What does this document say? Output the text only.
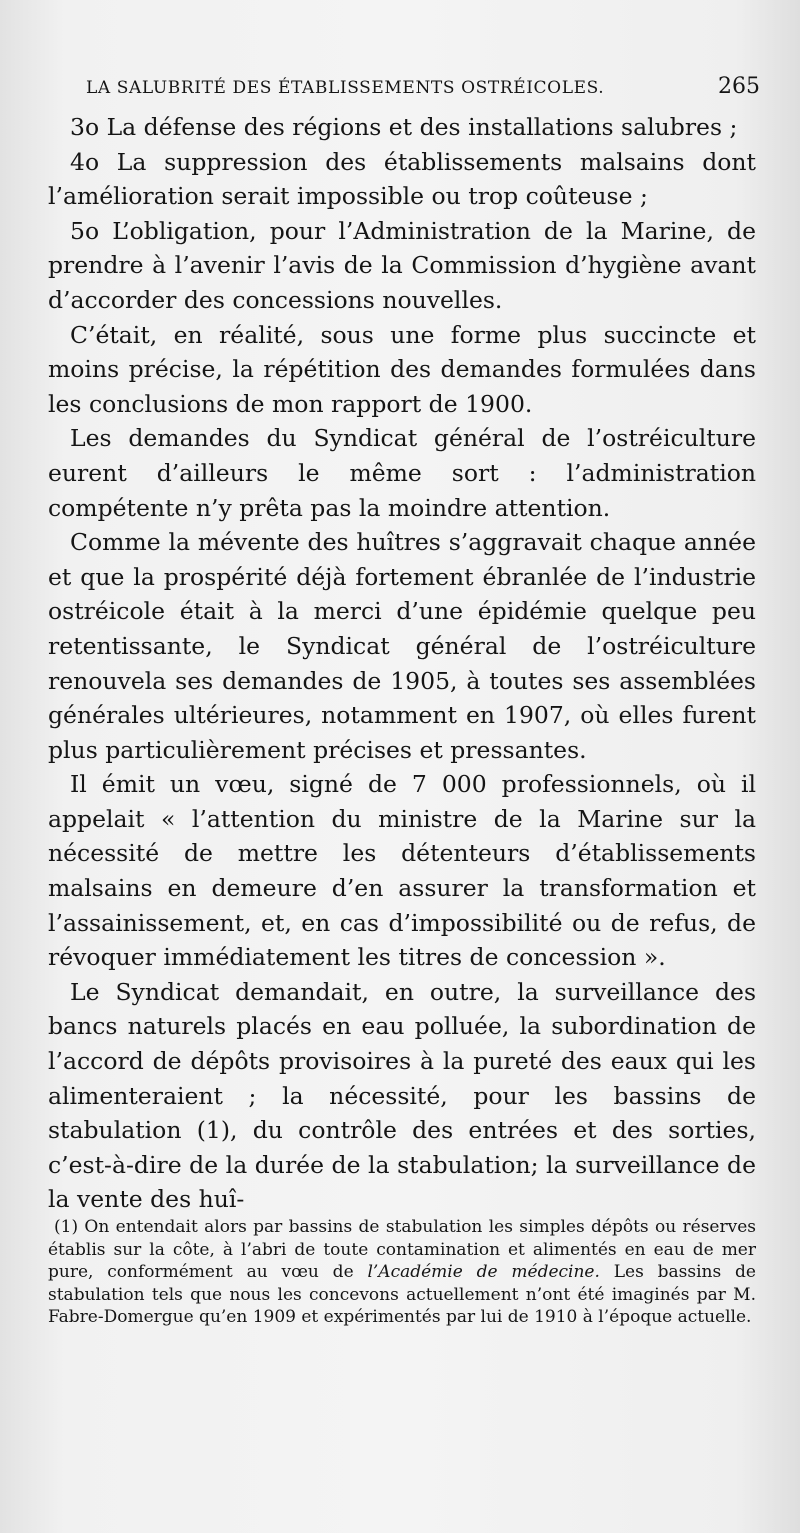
LA SALUBRITÉ DES ÉTABLISSEMENTS OSTRÉICOLES.	265

3o La défense des régions et des installations salubres ;

4o La suppression des établissements malsains dont l’amélioration serait impossible ou trop coûteuse ;

5o L’obligation, pour l’Administration de la Marine, de prendre à l’avenir l’avis de la Commission d’hygiène avant d’accorder des concessions nouvelles.

C’était, en réalité, sous une forme plus succincte et moins précise, la répétition des demandes formulées dans les conclusions de mon rapport de 1900.

Les demandes du Syndicat général de l’ostréiculture eurent d’ailleurs le même sort : l’administration compétente n’y prêta pas la moindre attention.

Comme la mévente des huîtres s’aggravait chaque année et que la prospérité déjà fortement ébranlée de l’industrie ostréicole était à la merci d’une épidémie quelque peu retentissante, le Syndicat général de l’ostréiculture renouvela ses demandes de 1905, à toutes ses assemblées générales ultérieures, notamment en 1907, où elles furent plus particulièrement précises et pressantes.

Il émit un vœu, signé de 7 000 professionnels, où il appelait « l’attention du ministre de la Marine sur la nécessité de mettre les détenteurs d’établissements malsains en demeure d’en assurer la transformation et l’assainissement, et, en cas d’impossibilité ou de refus, de révoquer immédiatement les titres de concession ».

Le Syndicat demandait, en outre, la surveillance des bancs naturels placés en eau polluée, la subordination de l’accord de dépôts provisoires à la pureté des eaux qui les alimenteraient ; la nécessité, pour les bassins de stabulation (1), du contrôle des entrées et des sorties, c’est-à-dire de la durée de la stabulation; la surveillance de la vente des huî-

(1) On entendait alors par bassins de stabulation les simples dépôts ou réserves établis sur la côte, à l’abri de toute contamination et alimentés en eau de mer pure, conformément au vœu de l’Académie de médecine. Les bassins de stabulation tels que nous les concevons actuellement n’ont été imaginés par M. Fabre-Domergue qu’en 1909 et expérimentés par lui de 1910 à l’époque actuelle.
